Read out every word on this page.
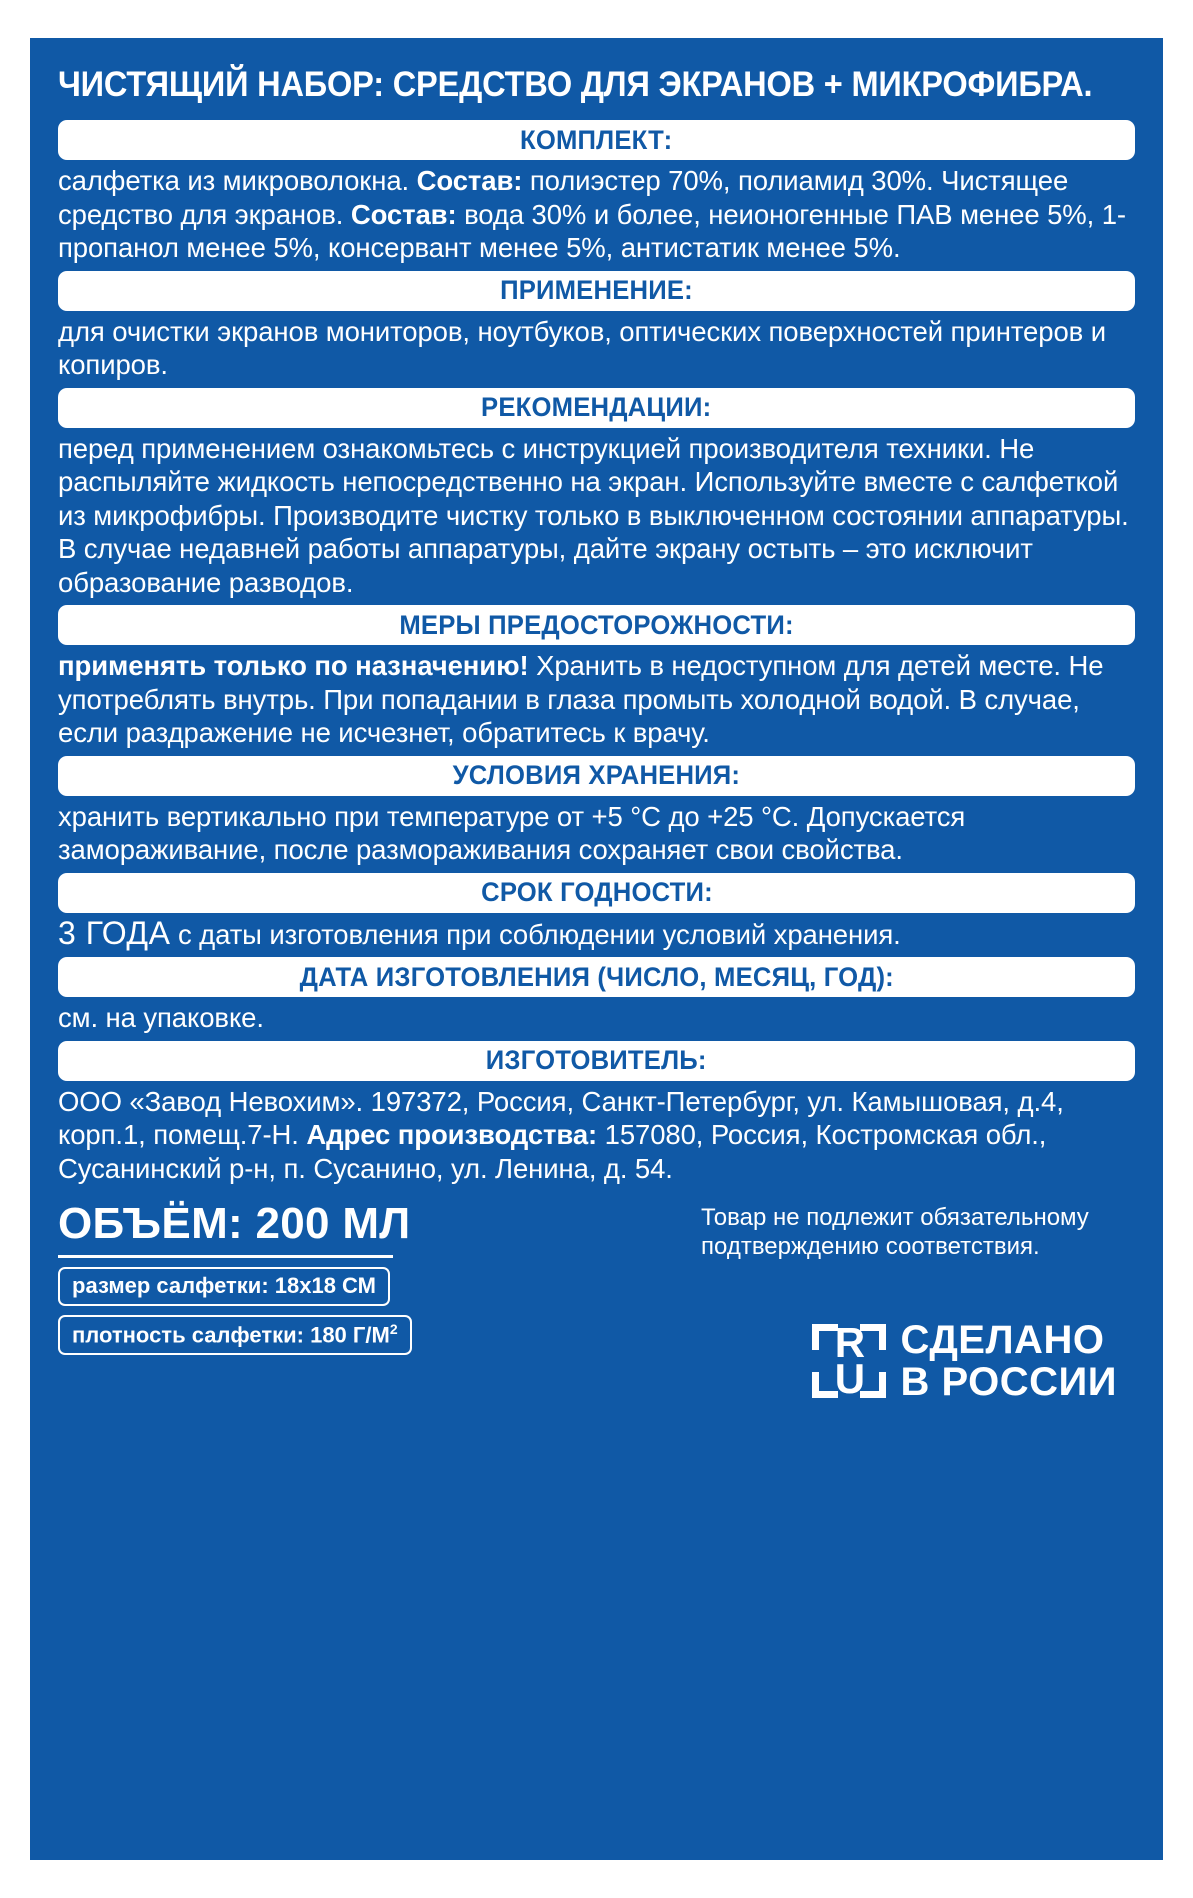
ЧИСТЯЩИЙ НАБОР: СРЕДСТВО ДЛЯ ЭКРАНОВ + МИКРОФИБРА.
КОМПЛЕКТ:
салфетка из микроволокна. Состав: полиэстер 70%, полиамид 30%. Чистящее средство для экранов. Состав: вода 30% и более, неионогенные ПАВ менее 5%, 1-пропанол менее 5%, консервант менее 5%, антистатик менее 5%.
ПРИМЕНЕНИЕ:
для очистки экранов мониторов, ноутбуков, оптических поверхностей принтеров и копиров.
РЕКОМЕНДАЦИИ:
перед применением ознакомьтесь с инструкцией производителя техники. Не распыляйте жидкость непосредственно на экран. Используйте вместе с салфеткой из микрофибры. Производите чистку только в выключенном состоянии аппаратуры. В случае недавней работы аппаратуры, дайте экрану остыть – это исключит образование разводов.
МЕРЫ ПРЕДОСТОРОЖНОСТИ:
применять только по назначению! Хранить в недоступном для детей месте. Не употреблять внутрь. При попадании в глаза промыть холодной водой. В случае, если раздражение не исчезнет, обратитесь к врачу.
УСЛОВИЯ ХРАНЕНИЯ:
хранить вертикально при температуре от +5 °C до +25 °C. Допускается замораживание, после размораживания сохраняет свои свойства.
СРОК ГОДНОСТИ:
3 ГОДА с даты изготовления при соблюдении условий хранения.
ДАТА ИЗГОТОВЛЕНИЯ (ЧИСЛО, МЕСЯЦ, ГОД):
см. на упаковке.
ИЗГОТОВИТЕЛЬ:
ООО «Завод Невохим». 197372, Россия, Санкт-Петербург, ул. Камышовая, д.4, корп.1, помещ.7-Н. Адрес производства: 157080, Россия, Костромская обл., Сусанинский р-н, п. Сусанино, ул. Ленина, д. 54.
ОБЪЁМ: 200 МЛ
размер салфетки: 18x18 СМ
плотность салфетки: 180 $Г/М^2$
Товар не подлежит обязательному подтверждению соответствия.
R
U
СДЕЛАНО
В РОССИИ
